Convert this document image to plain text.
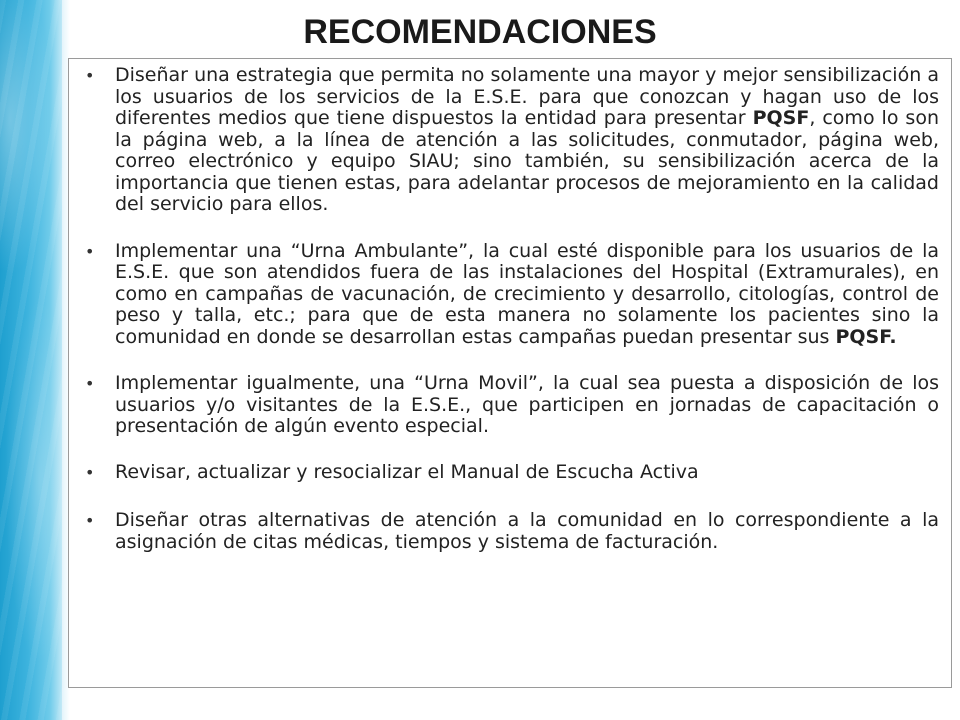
RECOMENDACIONES
• Diseñar una estrategia que permita no solamente una mayor y mejor sensibilización a los usuarios de los servicios de la E.S.E. para que conozcan y hagan uso de los diferentes medios que tiene dispuestos la entidad para presentar PQSF, como lo son la página web, a la línea de atención a las solicitudes, conmutador, página web, correo electrónico y equipo SIAU; sino también, su sensibilización acerca de la importancia que tienen estas, para adelantar procesos de mejoramiento en la calidad del servicio para ellos.
• Implementar una “Urna Ambulante”, la cual esté disponible para los usuarios de la E.S.E. que son atendidos fuera de las instalaciones del Hospital (Extramurales), en como en campañas de vacunación, de crecimiento y desarrollo, citologías, control de peso y talla, etc.; para que de esta manera no solamente los pacientes sino la comunidad en donde se desarrollan estas campañas puedan presentar sus PQSF.
• Implementar igualmente, una “Urna Movil”, la cual sea puesta a disposición de los usuarios y/o visitantes de la E.S.E., que participen en jornadas de capacitación o presentación de algún evento especial.
• Revisar, actualizar y resocializar el Manual de Escucha Activa
• Diseñar otras alternativas de atención a la comunidad en lo correspondiente a la asignación de citas médicas, tiempos y sistema de facturación.
